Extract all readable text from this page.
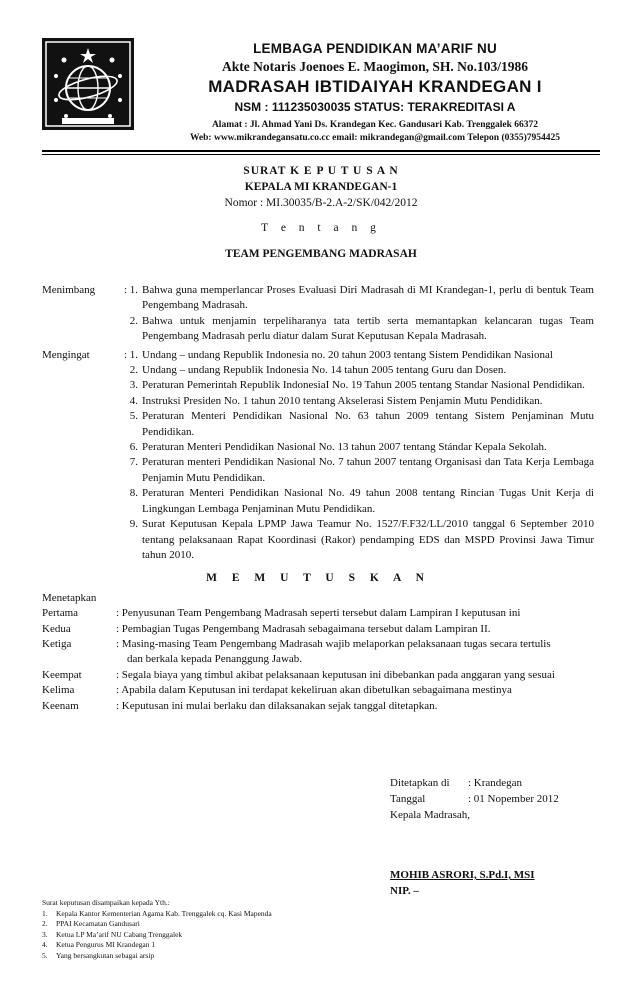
LEMBAGA PENDIDIKAN MA’ARIF NU
Akte Notaris Joenoes E. Maogimon, SH. No.103/1986
MADRASAH IBTIDAIYAH KRANDEGAN I
NSM : 111235030035 STATUS: TERAKREDITASI A
Alamat : Jl. Ahmad Yani Ds. Krandegan Kec. Gandusari Kab. Trenggalek 66372
Web: www.mikrandegansatu.co.cc email: mikrandegan@gmail.com Telepon (0355)7954425
SURAT K E P U T U S A N
KEPALA MI KRANDEGAN-1
Nomor : MI.30035/B-2.A-2/SK/042/2012
T e n t a n g
TEAM PENGEMBANG MADRASAH
Menimbang	: 1. Bahwa guna memperlancar Proses Evaluasi Diri Madrasah di MI Krandegan-1, perlu di bentuk Team Pengembang Madrasah.
2. Bahwa untuk menjamin terpeliharanya tata tertib serta memantapkan kelancaran tugas Team Pengembang Madrasah perlu diatur dalam Surat Keputusan Kepala Madrasah.
Mengingat	: 1. Undang – undang Republik Indonesia no. 20 tahun 2003 tentang Sistem Pendidikan Nasional
2. Undang – undang Republik Indonesia No. 14 tahun 2005 tentang Guru dan Dosen.
3. Peraturan Pemerintah Republik IndonesiaI No. 19 Tahun 2005 tentang Standar Nasional Pendidikan.
4. Instruksi Presiden No. 1 tahun 2010 tentang Akselerasi Sistem Penjamin Mutu Pendidikan.
5. Peraturan Menteri Pendidikan Nasional No. 63 tahun 2009 tentang Sistem Penjaminan Mutu Pendidikan.
6. Peraturan Menteri Pendidikan Nasional No. 13 tahun 2007 tentang Stándar Kepala Sekolah.
7. Peraturan menteri Pendidikan Nasional No. 7 tahun 2007 tentang Organisasi dan Tata Kerja Lembaga Penjamin Mutu Pendidikan.
8. Peraturan Menteri Pendidikan Nasional No. 49 tahun 2008 tentang Rincian Tugas Unit Kerja di Lingkungan Lembaga Penjaminan Mutu Pendidikan.
9. Surat Keputusan Kepala LPMP Jawa Teamur No. 1527/F.F32/LL/2010 tanggal 6 September 2010 tentang pelaksanaan Rapat Koordinasi (Rakor) pendamping EDS dan MSPD Provinsi Jawa Timur tahun 2010.
M E M U T U S K A N
Menetapkan
Pertama	: Penyusunan Team Pengembang Madrasah seperti tersebut dalam Lampiran I keputusan ini
Kedua	: Pembagian Tugas Pengembang Madrasah sebagaimana tersebut dalam Lampiran II.
Ketiga	: Masing-masing Team Pengembang Madrasah wajib melaporkan pelaksanaan tugas secara tertulis
dan berkala kepada Penanggung Jawab.
Keempat	: Segala biaya yang timbul akibat pelaksanaan keputusan ini dibebankan pada anggaran yang sesuai
Kelima	: Apabila dalam Keputusan ini terdapat kekeliruan akan dibetulkan sebagaimana mestinya
Keenam	: Keputusan ini mulai berlaku dan dilaksanakan sejak tanggal ditetapkan.
Ditetapkan di	: Krandegan
Tanggal	: 01 Nopember 2012
Kepala Madrasah,
MOHIB ASRORI, S.Pd.I, MSI
NIP. –
Surat keputusan disampaikan kepada Yth.:
1.	Kepala Kantor Kementerian Agama Kab. Trenggalek cq. Kasi Mapenda
2.	PPAI Kecamatan Gandusari
3.	Ketua LP Ma’arif NU Cabang Trenggalek
4.	Ketua Pengurus MI Krandegan 1
5.	Yang bersangkutan sebagai arsip
